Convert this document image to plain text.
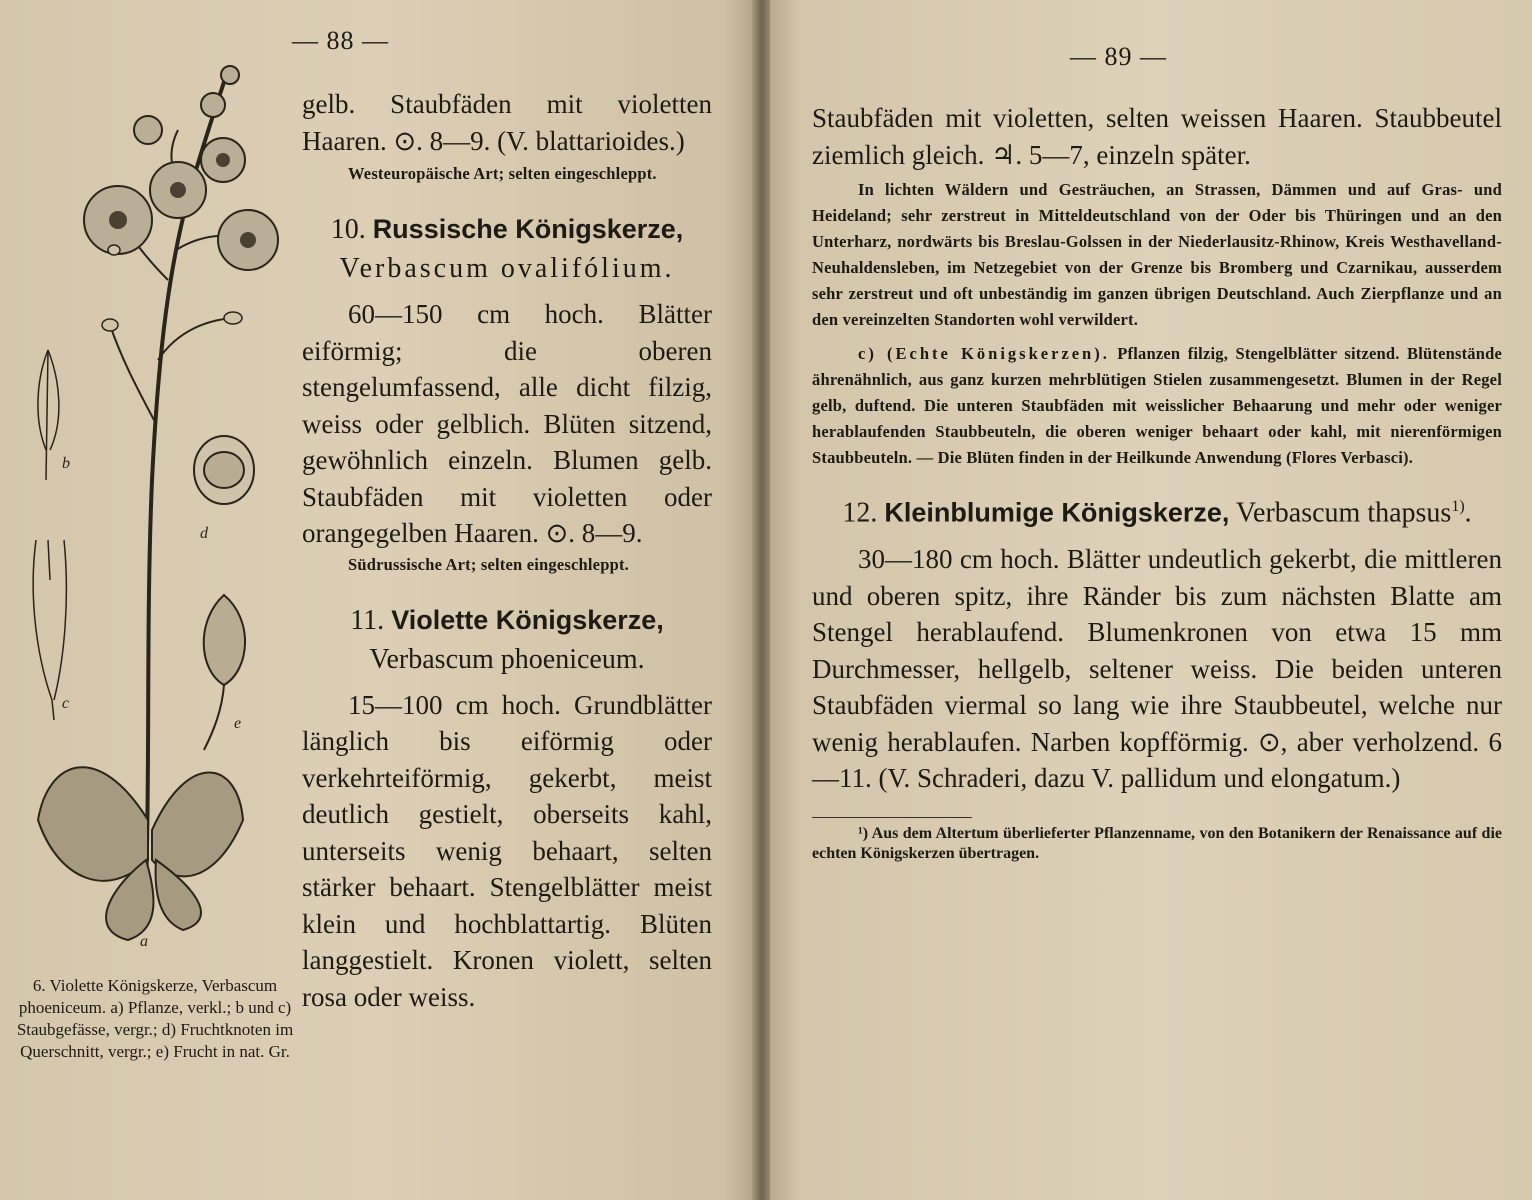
— 88 —
b
d
c
e
a

6. Violette Königskerze, Verbascum phoeniceum. a) Pflanze, verkl.; b und c) Staubgefässe, vergr.; d) Fruchtknoten im Querschnitt, vergr.; e) Frucht in nat. Gr.

gelb. Staubfäden mit violetten Haaren. ⊙. 8—9. (V. blattarioides.)

Westeuropäische Art; selten eingeschleppt.

10. Russische Königskerze,

Verbascum ovalifólium.

60—150 cm hoch. Blätter eiförmig; die oberen stengelumfassend, alle dicht filzig, weiss oder gelblich. Blüten sitzend, gewöhnlich einzeln. Blumen gelb. Staubfäden mit violetten oder orangegelben Haaren. ⊙. 8—9.

Südrussische Art; selten eingeschleppt.

11. Violette Königskerze,

Verbascum phoeniceum.

15—100 cm hoch. Grundblätter länglich bis eiförmig oder verkehrteiförmig, gekerbt, meist deutlich gestielt, oberseits kahl, unterseits wenig behaart, selten stärker behaart. Stengelblätter meist klein und hochblattartig. Blüten langgestielt. Kronen violett, selten rosa oder weiss.

— 89 —

Staubfäden mit violetten, selten weissen Haaren. Staubbeutel ziemlich gleich. ♃. 5—7, einzeln später.

In lichten Wäldern und Gesträuchen, an Strassen, Dämmen und auf Gras- und Heideland; sehr zerstreut in Mitteldeutschland von der Oder bis Thüringen und an den Unterharz, nordwärts bis Breslau-Golssen in der Niederlausitz-Rhinow, Kreis Westhavelland-Neuhaldensleben, im Netzegebiet von der Grenze bis Bromberg und Czarnikau, ausserdem sehr zerstreut und oft unbeständig im ganzen übrigen Deutschland. Auch Zierpflanze und an den vereinzelten Standorten wohl verwildert.

c) (Echte Königskerzen). Pflanzen filzig, Stengelblätter sitzend. Blütenstände ährenähnlich, aus ganz kurzen mehrblütigen Stielen zusammengesetzt. Blumen in der Regel gelb, duftend. Die unteren Staubfäden mit weisslicher Behaarung und mehr oder weniger herablaufenden Staubbeuteln, die oberen weniger behaart oder kahl, mit nierenförmigen Staubbeuteln. — Die Blüten finden in der Heilkunde Anwendung (Flores Verbasci).

12. Kleinblumige Königskerze, Verbascum thapsus$^{1)}$.

30—180 cm hoch. Blätter undeutlich gekerbt, die mittleren und oberen spitz, ihre Ränder bis zum nächsten Blatte am Stengel herablaufend. Blumenkronen von etwa 15 mm Durchmesser, hellgelb, seltener weiss. Die beiden unteren Staubfäden viermal so lang wie ihre Staubbeutel, welche nur wenig herablaufen. Narben kopfförmig. ⊙, aber verholzend. 6—11. (V. Schraderi, dazu V. pallidum und elongatum.)

¹) Aus dem Altertum überlieferter Pflanzenname, von den Botanikern der Renaissance auf die echten Königskerzen übertragen.
